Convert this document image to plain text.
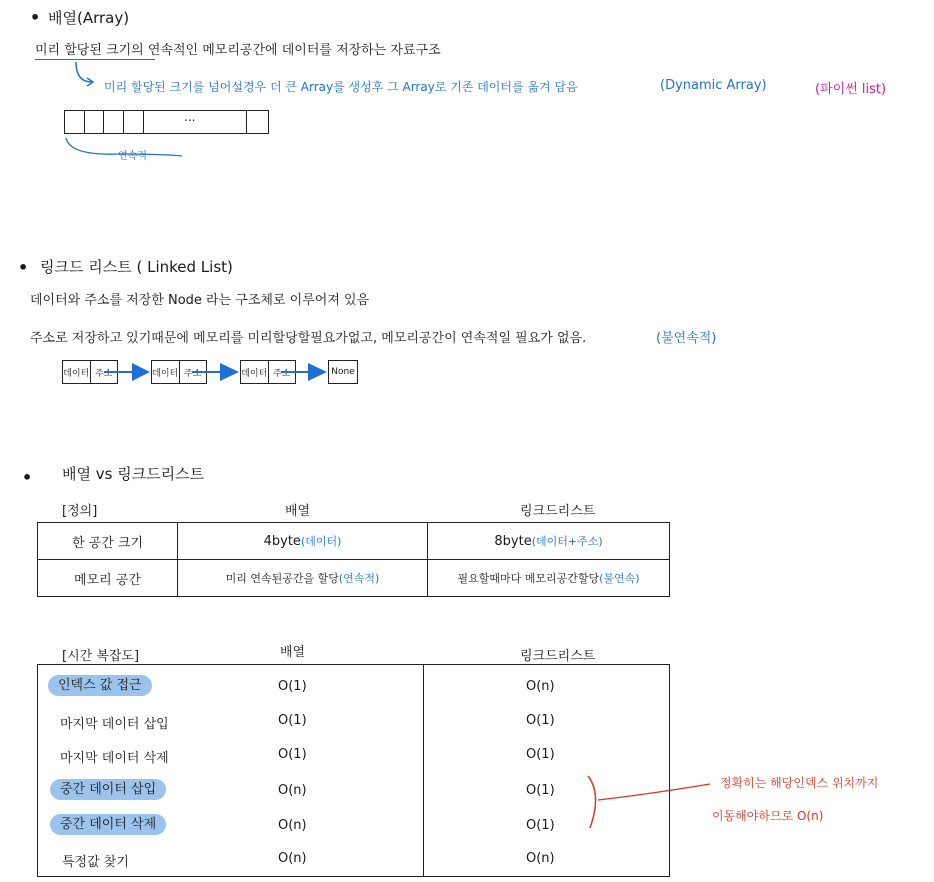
• 배열(Array)
미리 할당된 크기의 연속적인 메모리공간에 데이터를 저장하는 자료구조
미리 할당된 크기를 넘어설경우 더 큰 Array를 생성후 그 Array로 기존 데이터를 옮겨 담음	(Dynamic Array)	(파이썬 list)
...
연속적
• 링크드 리스트 ( Linked List)
데이터와 주소를 저장한 Node 라는 구조체로 이루어져 있음
주소로 저장하고 있기때문에 메모리를 미리할당할필요가없고, 메모리공간이 연속적일 필요가 없음.	(불연속적)
데이터 주소	데이터 주소	데이터 주소	None
• 배열 vs 링크드리스트
[정의]	배열	링크드리스트
한 공간 크기	4byte(데이터)	8byte(데이터+주소)
메모리 공간	미리 연속된공간을 할당(연속적)	필요할때마다 메모리공간할당(불연속)
[시간 복잡도]	배열	링크드리스트
인덱스 값 접근	O(1)	O(n)
마지막 데이터 삽입	O(1)	O(1)
마지막 데이터 삭제	O(1)	O(1)
중간 데이터 삽입	O(n)	O(1)
중간 데이터 삭제	O(n)	O(1)
특정값 찾기	O(n)	O(n)
정확히는 해당인덱스 위치까지
이동해야하므로 O(n)
